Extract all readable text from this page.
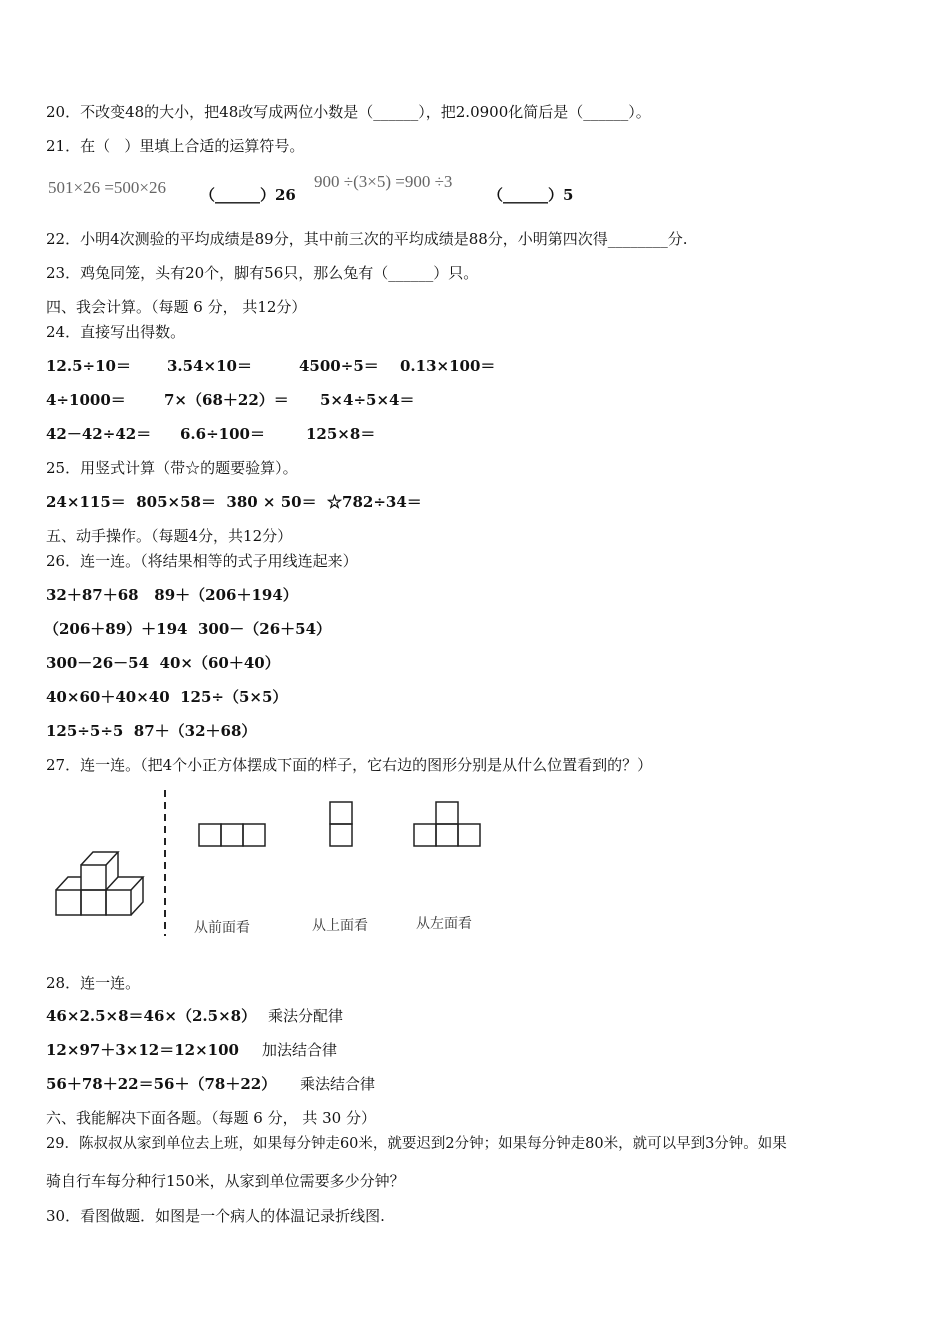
20．不改变48的大小，把48改写成两位小数是（______），把2.0900化简后是（______）。
21．在（   ）里填上合适的运算符号。
501×26 =500×26 （______）26
900 ÷(3×5) =900 ÷3
（______）5
22．小明4次测验的平均成绩是89分，其中前三次的平均成绩是88分，小明第四次得________分.
23．鸡兔同笼，头有20个，脚有56只，那么兔有（______）只。
四、我会计算。（每题 6 分， 共12分）
24．直接写出得数。
12.5÷10＝ 3.54×10＝	4500÷5＝ 0.13×100＝
4÷1000＝	7×（68＋22）＝ 5×4÷5×4＝
42－42÷42＝ 6.6÷100＝	125×8＝
25．用竖式计算（带☆的题要验算）。
24×115＝  805×58＝  380 × 50＝  ☆782÷34＝
五、动手操作。（每题4分，共12分）
26．连一连。（将结果相等的式子用线连起来）
32＋87＋68   89＋（206＋194）
（206＋89）＋194  300－（26＋54）
300－26－54  40×（60＋40）
40×60＋40×40  125÷（5×5）
125÷5÷5  87＋（32＋68）
27．连一连。（把4个小正方体摆成下面的样子，它右边的图形分别是从什么位置看到的？）
从前面看	从上面看	从左面看
28．连一连。
46×2.5×8＝46×（2.5×8） 乘法分配律
12×97＋3×12＝12×100 加法结合律
56＋78＋22＝56＋（78＋22） 乘法结合律
六、我能解决下面各题。（每题 6 分， 共 30 分）
29．陈叔叔从家到单位去上班，如果每分钟走60米，就要迟到2分钟；如果每分钟走80米，就可以早到3分钟。如果
骑自行车每分种行150米，从家到单位需要多少分钟？
30．看图做题．如图是一个病人的体温记录折线图.
